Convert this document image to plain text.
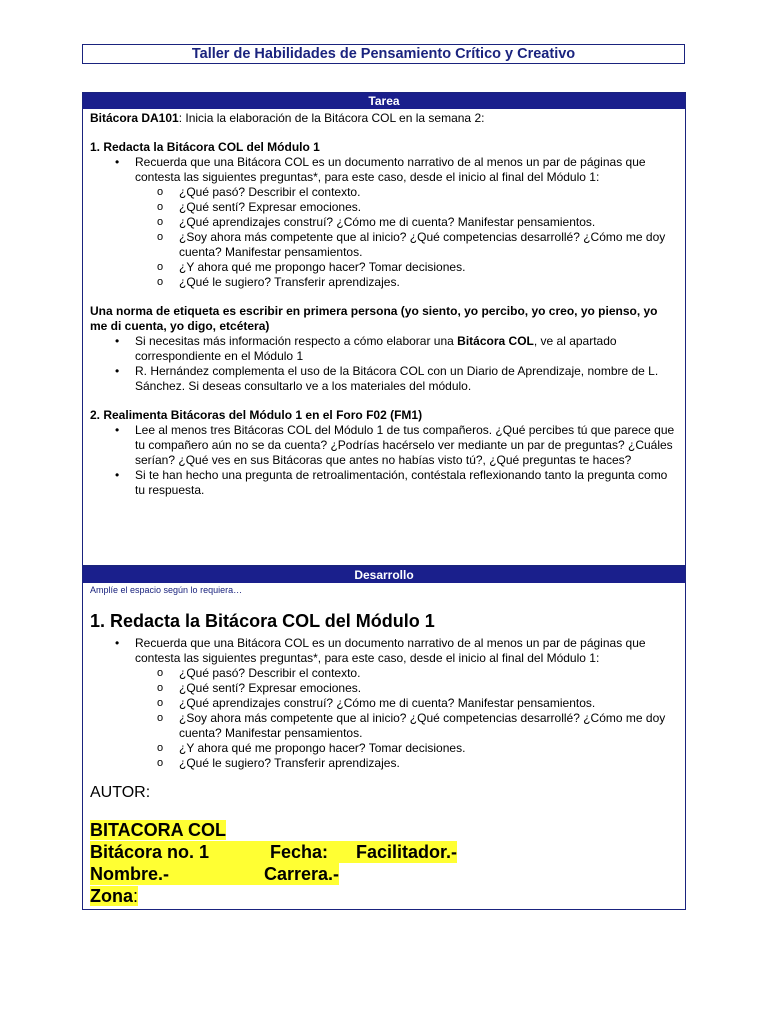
Taller de Habilidades de Pensamiento Crítico y Creativo
Tarea

Bitácora DA101: Inicia la elaboración de la Bitácora COL en la semana 2:

1. Redacta la Bitácora COL del Módulo 1

• Recuerda que una Bitácora COL es un documento narrativo de al menos un par de páginas que contesta las siguientes preguntas*, para este caso, desde el inicio al final del Módulo 1:
o ¿Qué pasó? Describir el contexto.
o ¿Qué sentí? Expresar emociones.
o ¿Qué aprendizajes construí? ¿Cómo me di cuenta? Manifestar pensamientos.
o ¿Soy ahora más competente que al inicio? ¿Qué competencias desarrollé? ¿Cómo me doy cuenta? Manifestar pensamientos.
o ¿Y ahora qué me propongo hacer? Tomar decisiones.
o ¿Qué le sugiero? Transferir aprendizajes.

Una norma de etiqueta es escribir en primera persona (yo siento, yo percibo, yo creo, yo pienso, yo me di cuenta, yo digo, etcétera)

• Si necesitas más información respecto a cómo elaborar una Bitácora COL, ve al apartado correspondiente en el Módulo 1
• R. Hernández complementa el uso de la Bitácora COL con un Diario de Aprendizaje, nombre de L. Sánchez. Si deseas consultarlo ve a los materiales del módulo.

2. Realimenta Bitácoras del Módulo 1 en el Foro F02 (FM1)

• Lee al menos tres Bitácoras COL del Módulo 1 de tus compañeros. ¿Qué percibes tú que parece que tu compañero aún no se da cuenta? ¿Podrías hacérselo ver mediante un par de preguntas? ¿Cuáles serían? ¿Qué ves en sus Bitácoras que antes no habías visto tú?, ¿Qué preguntas te haces?
• Si te han hecho una pregunta de retroalimentación, contéstala reflexionando tanto la pregunta como tu respuesta.
Desarrollo

Amplíe el espacio según lo requiera…

1. Redacta la Bitácora COL del Módulo 1

• Recuerda que una Bitácora COL es un documento narrativo de al menos un par de páginas que contesta las siguientes preguntas*, para este caso, desde el inicio al final del Módulo 1:
o ¿Qué pasó? Describir el contexto.
o ¿Qué sentí? Expresar emociones.
o ¿Qué aprendizajes construí? ¿Cómo me di cuenta? Manifestar pensamientos.
o ¿Soy ahora más competente que al inicio? ¿Qué competencias desarrollé? ¿Cómo me doy cuenta? Manifestar pensamientos.
o ¿Y ahora qué me propongo hacer? Tomar decisiones.
o ¿Qué le sugiero? Transferir aprendizajes.

AUTOR:

BITACORA COL
Bitácora no. 1	Fecha:	Facilitador.-
Nombre.-	Carrera.-
Zona:
